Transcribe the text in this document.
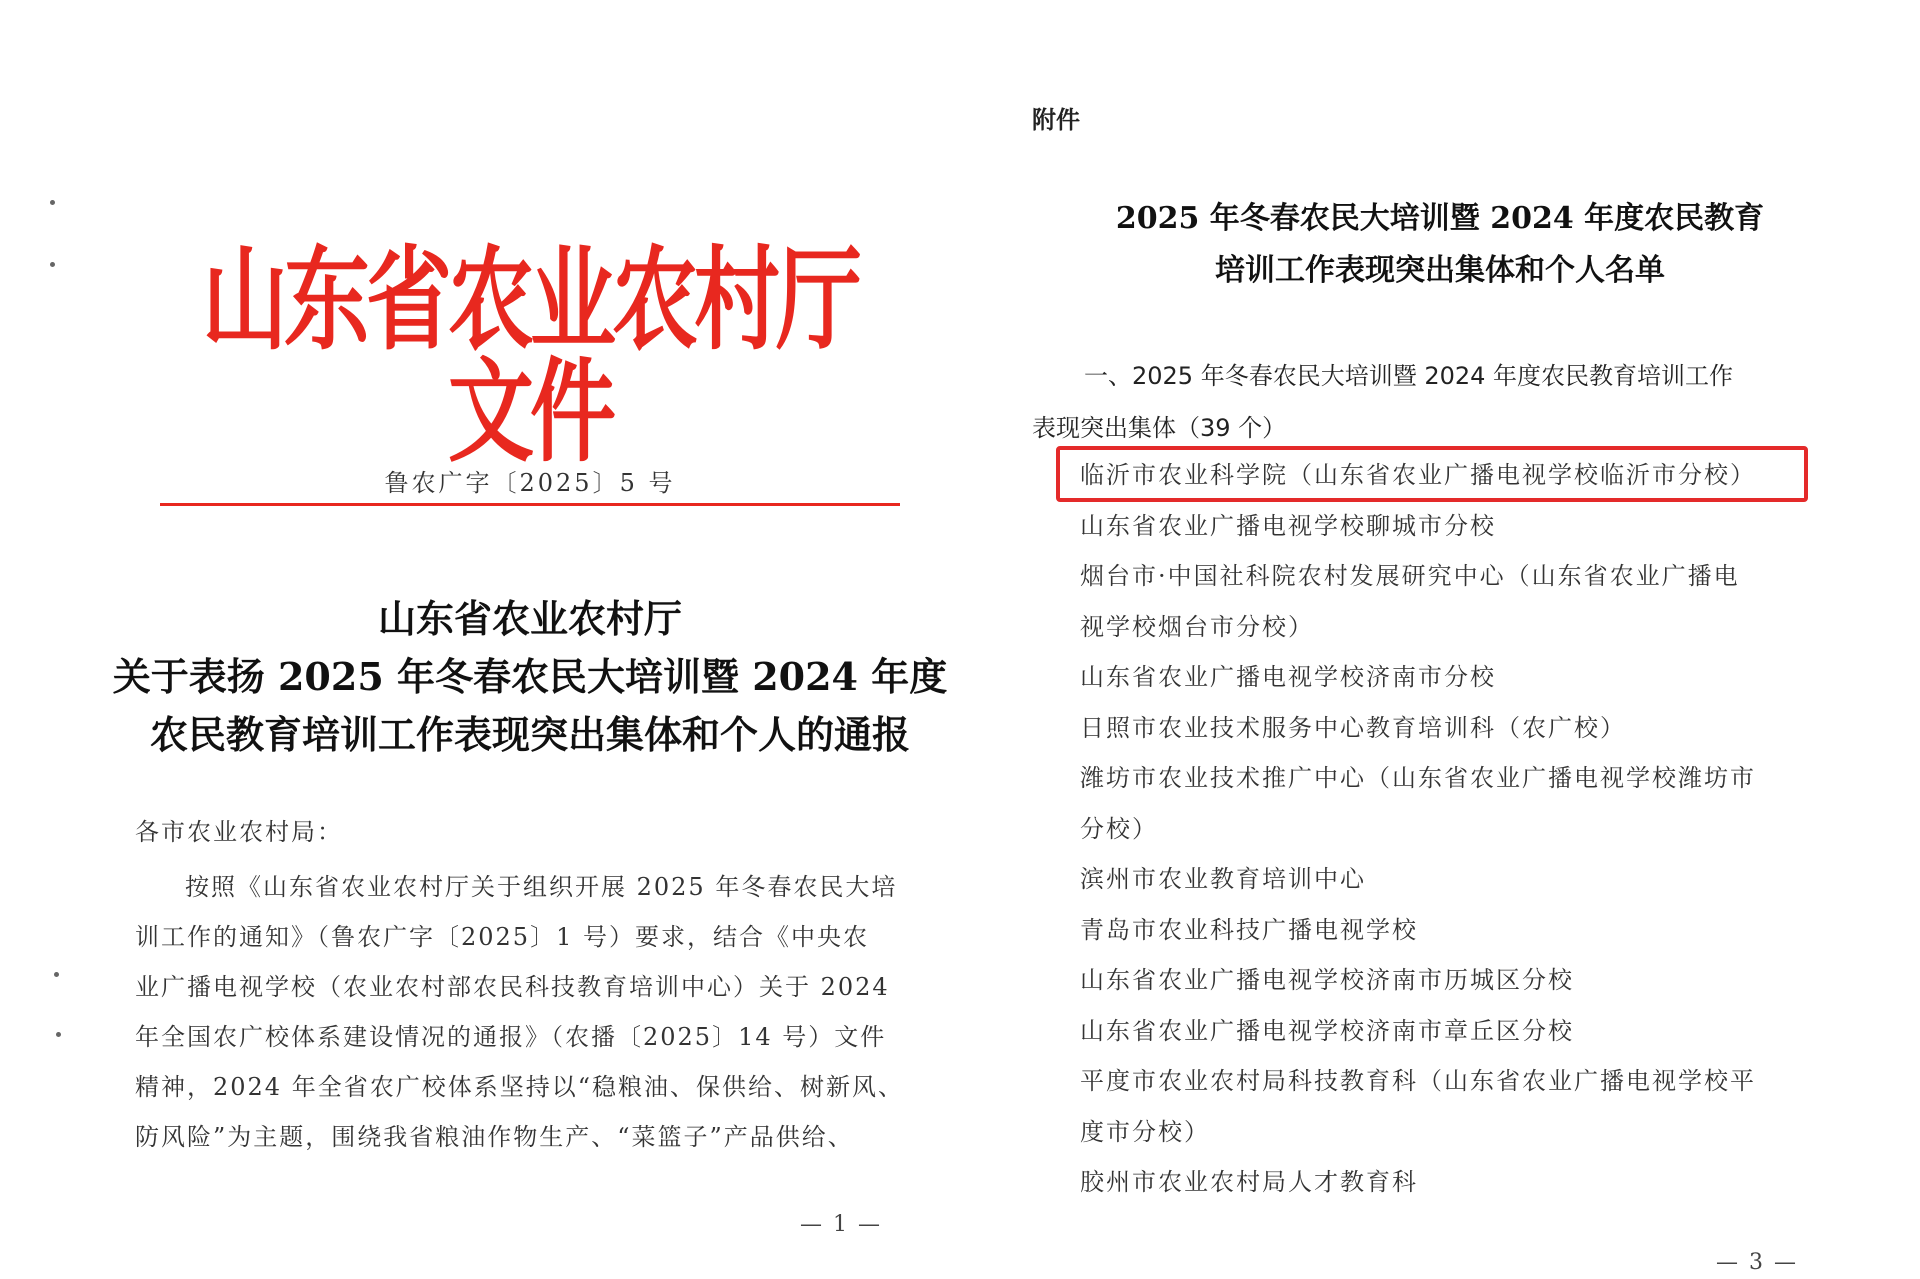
山东省农业农村厅文件
鲁农广字〔2025〕5 号
山东省农业农村厅
关于表扬 2025 年冬春农民大培训暨 2024 年度
农民教育培训工作表现突出集体和个人的通报
各市农业农村局：
按照《山东省农业农村厅关于组织开展 2025 年冬春农民大培
训工作的通知》（鲁农广字〔2025〕1 号）要求，结合《中央农
业广播电视学校（农业农村部农民科技教育培训中心）关于 2024
年全国农广校体系建设情况的通报》（农播〔2025〕14 号）文件
精神，2024 年全省农广校体系坚持以“稳粮油、保供给、树新风、
防风险”为主题，围绕我省粮油作物生产、“菜篮子”产品供给、
— 1 —
附件
2025 年冬春农民大培训暨 2024 年度农民教育
培训工作表现突出集体和个人名单
一、2025 年冬春农民大培训暨 2024 年度农民教育培训工作
表现突出集体（39 个）
临沂市农业科学院（山东省农业广播电视学校临沂市分校）
山东省农业广播电视学校聊城市分校
烟台市·中国社科院农村发展研究中心（山东省农业广播电
视学校烟台市分校）
山东省农业广播电视学校济南市分校
日照市农业技术服务中心教育培训科（农广校）
潍坊市农业技术推广中心（山东省农业广播电视学校潍坊市
分校）
滨州市农业教育培训中心
青岛市农业科技广播电视学校
山东省农业广播电视学校济南市历城区分校
山东省农业广播电视学校济南市章丘区分校
平度市农业农村局科技教育科（山东省农业广播电视学校平
度市分校）
胶州市农业农村局人才教育科
— 3 —
